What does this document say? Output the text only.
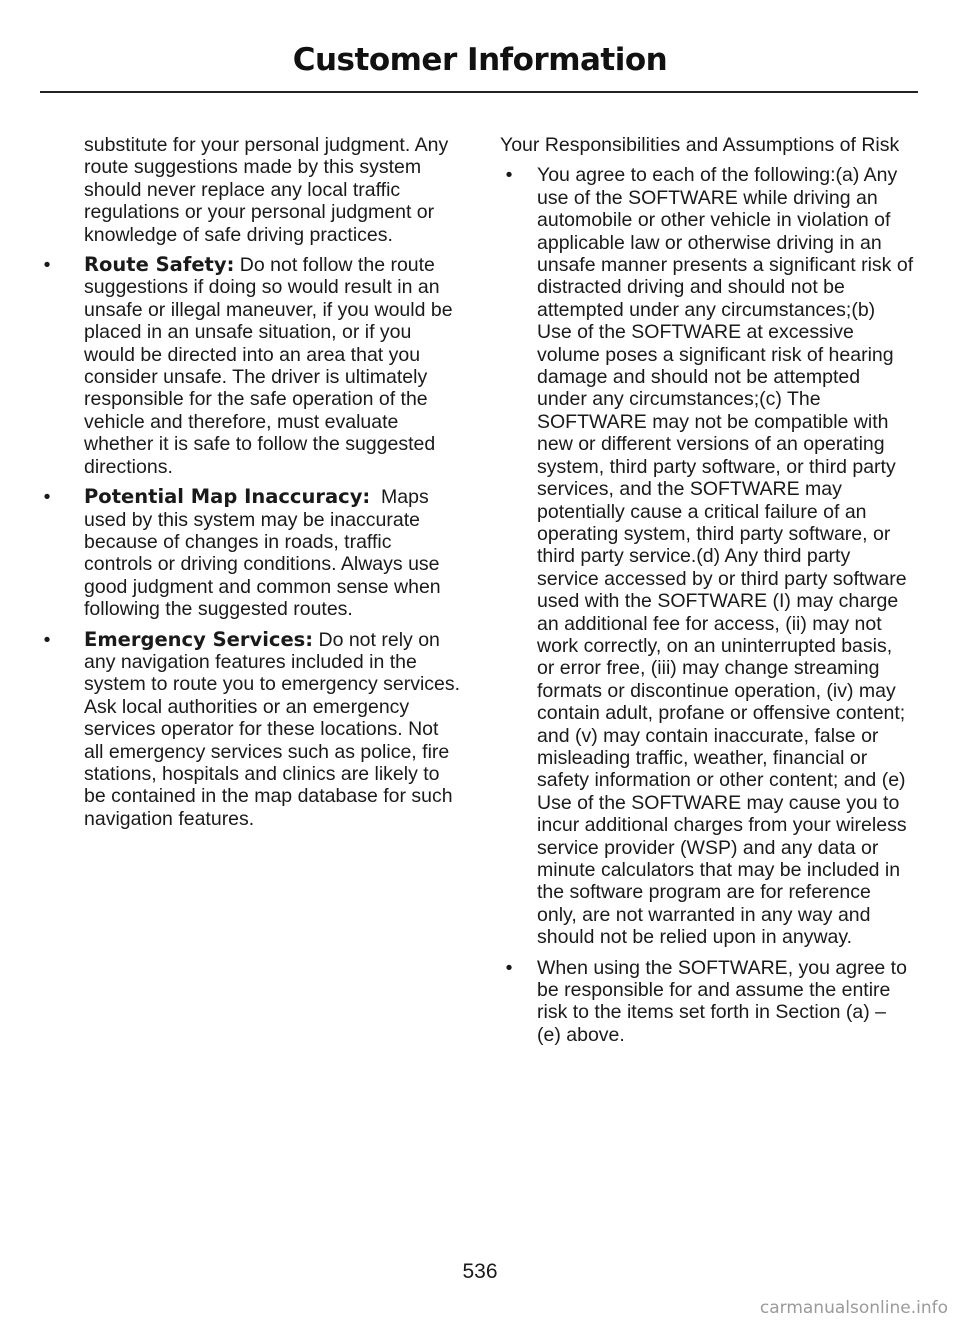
Customer Information

substitute for your personal judgment. Any route suggestions made by this system should never replace any local traffic regulations or your personal judgment or knowledge of safe driving practices.

• Route Safety: Do not follow the route suggestions if doing so would result in an unsafe or illegal maneuver, if you would be placed in an unsafe situation, or if you would be directed into an area that you consider unsafe. The driver is ultimately responsible for the safe operation of the vehicle and therefore, must evaluate whether it is safe to follow the suggested directions.
• Potential Map Inaccuracy:  Maps used by this system may be inaccurate because of changes in roads, traffic controls or driving conditions. Always use good judgment and common sense when following the suggested routes.
• Emergency Services: Do not rely on any navigation features included in the system to route you to emergency services. Ask local authorities or an emergency services operator for these locations. Not all emergency services such as police, fire stations, hospitals and clinics are likely to be contained in the map database for such navigation features.

Your Responsibilities and Assumptions of Risk

• You agree to each of the following:(a) Any use of the SOFTWARE while driving an automobile or other vehicle in violation of applicable law or otherwise driving in an unsafe manner presents a significant risk of distracted driving and should not be attempted under any circumstances;(b) Use of the SOFTWARE at excessive volume poses a significant risk of hearing damage and should not be attempted under any circumstances;(c) The SOFTWARE may not be compatible with new or different versions of an operating system, third party software, or third party services, and the SOFTWARE may potentially cause a critical failure of an operating system, third party software, or third party service.(d) Any third party service accessed by or third party software used with the SOFTWARE (I) may charge an additional fee for access, (ii) may not work correctly, on an uninterrupted basis, or error free, (iii) may change streaming formats or discontinue operation, (iv) may contain adult, profane or offensive content; and (v) may contain inaccurate, false or misleading traffic, weather, financial or safety information or other content; and (e) Use of the SOFTWARE may cause you to incur additional charges from your wireless service provider (WSP) and any data or minute calculators that may be included in the software program are for reference only, are not warranted in any way and should not be relied upon in anyway.
• When using the SOFTWARE, you agree to be responsible for and assume the entire risk to the items set forth in Section (a) – (e) above.
536
carmanualsonline.info
